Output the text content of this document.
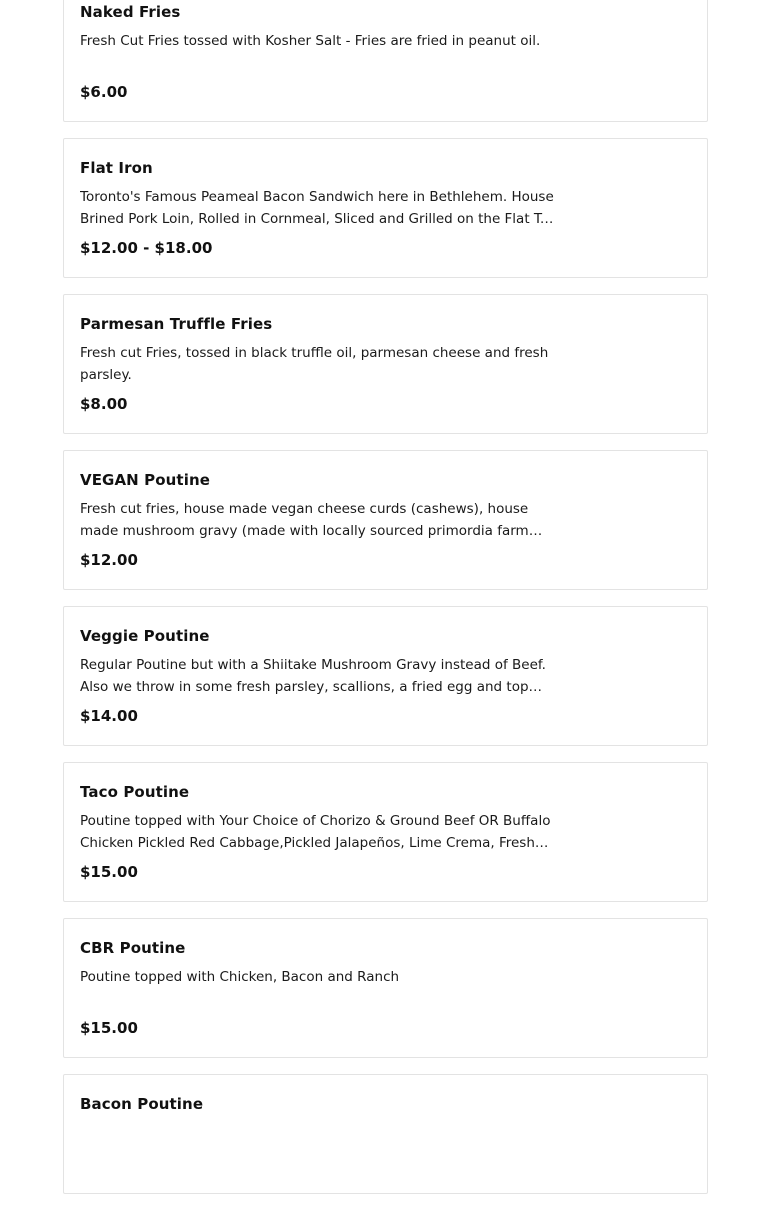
Naked Fries
Fresh Cut Fries tossed with Kosher Salt - Fries are fried in peanut oil.
$6.00
Flat Iron
Toronto's Famous Peameal Bacon Sandwich here in Bethlehem. House Brined Pork Loin, Rolled in Cornmeal, Sliced and Grilled on the Flat Top
$12.00 - $18.00
Parmesan Truffle Fries
Fresh cut Fries, tossed in black truffle oil, parmesan cheese and fresh parsley.
$8.00
VEGAN Poutine
Fresh cut fries, house made vegan cheese curds (cashews), house made mushroom gravy (made with locally sourced primordia farm
$12.00
Veggie Poutine
Regular Poutine but with a Shiitake Mushroom Gravy instead of Beef. Also we throw in some fresh parsley, scallions, a fried egg and top
$14.00
Taco Poutine
Poutine topped with Your Choice of Chorizo & Ground Beef OR Buffalo Chicken Pickled Red Cabbage,Pickled Jalapeños, Lime Crema, Fresh
$15.00
CBR Poutine
Poutine topped with Chicken, Bacon and Ranch
$15.00
Bacon Poutine
